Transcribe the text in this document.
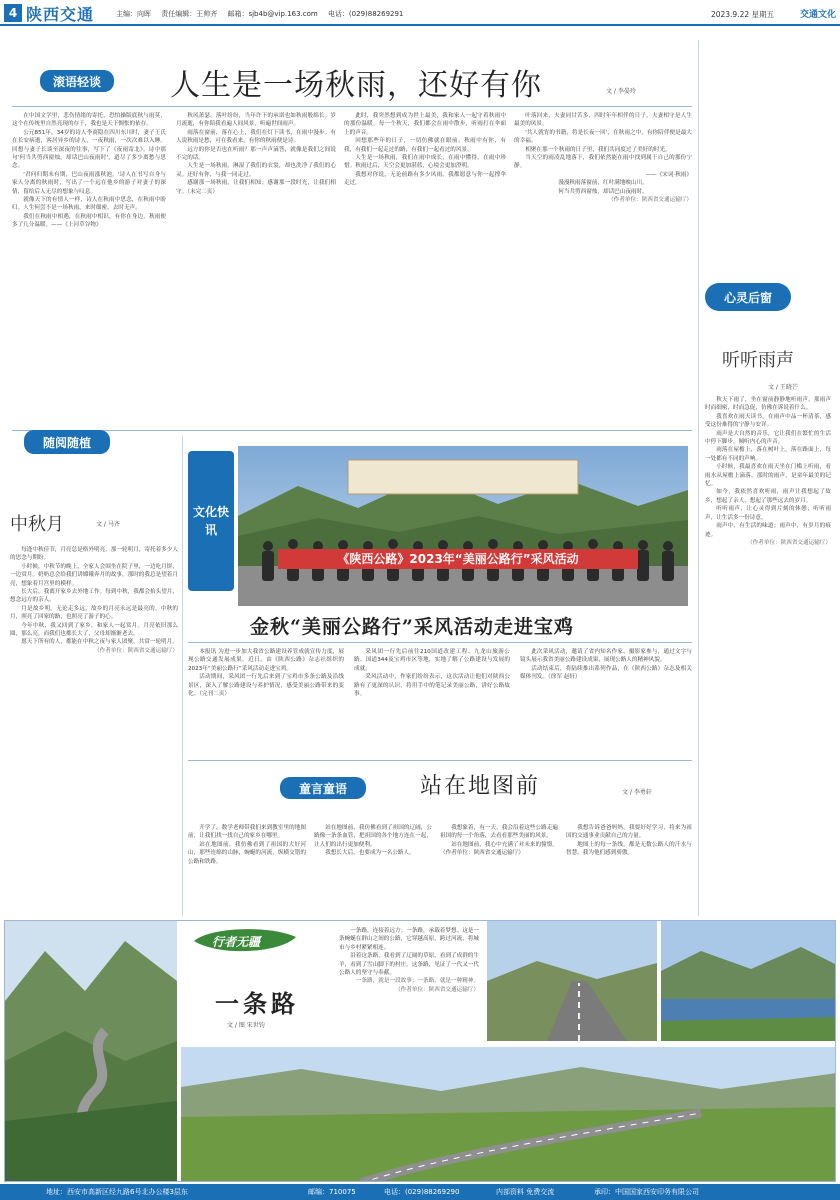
4 陕西交通	主编：向晖 责任编辑：王帅齐 邮箱：sjb4b@vip.163.com 电话：(029)88269291	2023.9.22 星期五	交通文化
滚语轻谈	人生是一场秋雨，还好有你	文 / 李晏玲

在中国文学里，悲伤情绪的寄托，恐怕操版底秋与雨莫，这个在传统里自然亮现的存于，我也是天下惆怅的依存。

公元851年，34岁的诗人李商隐在四川东川时，妻子王氏在长安病逝，客居异乡的诗人，一夜秋雨，一次次难以入睡。回想与妻子长谈至深夜的往事，写下了《夜雨寄北》。诗中那句'何当共剪西窗烛，却话巴山夜雨时'，道尽了多少离愁与思念。

'君问归期未有期，巴山夜雨涨秋池。'诗人在书写自身与家人分离的秋雨时，写出了一个远在他乡的游子对妻子的深情，留给后人无尽的想象与叹息。

就像天下的有情人一样，诗人在秋雨中思念，在秋雨中盼归。人生何尝不是一场秋雨，来时细密，去时无声。

我们在秋雨中相遇，在秋雨中相识，有你在身边，秋雨便多了几分温暖。——《上河草谷物》

秋风萧瑟，落叶纷纷，当年许下的承诺也如秋雨般绵长。岁月流逝，有你陪我看遍人间风景，听遍世间雨声。

雨落在窗前，落在心上，我们在灯下读书，在雨中漫步。有人说秋雨是愁，可在我看来，有你的秋雨便是诗。

远方的你是否也在听雨？那一声声滴答，就像是我们之间说不完的话。

人生是一场秋雨，淋湿了我们的衣裳，却也洗净了我们的心灵。还好有你，与我一同走过。

感谢那一场秋雨，让我们相知；感谢那一段时光，让我们相守。（未完二页）

此时，我突然想到成为世上最美，我和家人一起守着秋雨中的那份温暖。每一个秋天，我们都会在雨中散步，听雨打在伞面上的声音。

回想那些年的日子，一切仿佛就在眼前。秋雨中有你，有我，有我们一起走过的路，有我们一起看过的风景。

人生是一场秋雨，我们在雨中成长，在雨中懂得，在雨中珍惜。秋雨过后，天空会更加湛蓝，心境会更加澄明。

我想对你说，无论前路有多少风雨，我都愿意与你一起撑伞走过。

叶落回来，夫妻同甘苦多，四时年年相伴的日子，夫妻相守是人生最美的风景。

'共人就宵的书籍，将是长夜一回'，在秋雨之中，有你陪伴便是最大的幸福。

相聚在那一个秋雨的日子里，我们共同度过了美好的时光。

当天空的雨凌乱地落下，我们依然能在雨中找到属于自己的那份宁静。

——《宋词·秋雨》

漫漫秋雨落窗前，红叶满地映山川。

何当共剪西窗烛，却话巴山夜雨时。

（作者单位：陕西省交通运输厅）

心灵后窗
听听雨声
文 / 王晓芒

秋天下雨了，坐在窗前静静地听雨声。那雨声时而细密，时而急促，仿佛在诉说着什么。

我喜欢在雨天读书，在雨声中品一杯清茶，感受这份难得的宁静与安详。

雨声是大自然的音乐，它让我们在繁忙的生活中停下脚步，倾听内心的声音。

雨落在屋檐上，落在树叶上，落在路面上，每一处都有不同的声响。

小时候，我最喜欢在雨天坐在门槛上听雨，看雨水从屋檐上滴落。那时的雨声，是童年最美的记忆。

如今，我依然喜欢听雨，雨声让我想起了故乡，想起了亲人，想起了那些远去的岁月。

听听雨声，让心灵得到片刻的休憩；听听雨声，让生活多一份诗意。

雨声中，有生活的味道；雨声中，有岁月的痕迹。

（作者单位：陕西省交通运输厅）

随阅随植
中秋月	文 / 马齐

每逢中秋佳节，月亮总是格外明亮。那一轮明月，寄托着多少人的思念与期盼。

小时候，中秋节的晚上，全家人会围坐在院子里，一边吃月饼，一边赏月。奶奶总会给我们讲嫦娥奔月的故事，那时的我总是望着月亮，想象着月宫里的模样。

长大后，我离开家乡去外地工作。每到中秋，我都会抬头望月，想念远方的亲人。

月是故乡明。无论走多远，故乡的月亮永远是最亮的。中秋的月，照亮了回家的路，也照亮了游子的心。

今年中秋，我又回到了家乡，和家人一起赏月。月亮依旧那么圆，那么亮，而我们也都长大了，父母却渐渐老去。

愿天下所有的人，都能在中秋之夜与家人团聚，共赏一轮明月。

（作者单位：陕西省交通运输厅）

文化快讯
《陕西公路》2023年“美丽公路行”采风活动
金秋“美丽公路行”采风活动走进宝鸡

本报讯 为进一步加大我省公路建设养管成就宣传力度，展现公路交通发展成果，近日，由《陕西公路》杂志社组织的2023年“美丽公路行”采风活动走进宝鸡。

活动期间，采风团一行先后来到了宝鸡市多条公路及沿线景区，深入了解公路建设与养护情况，感受美丽公路带来的变化。（完刊二页）

采风团一行先后前往210国道改建工程、九龙山旅游公路、国道344及宝鸡市区等地，实地了解了公路建设与发展的成就。

采风活动中，作家们纷纷表示，这次活动让他们对陕西公路有了更深的认识，将用手中的笔记录美丽公路，讲好公路故事。

此次采风活动，邀请了省内知名作家、摄影家参与，通过文字与镜头展示我省美丽公路建设成果，展现公路人的精神风貌。

活动结束后，将陆续推出系列作品，在《陕西公路》杂志及相关媒体刊发。（徐军 赵轩）

童言童语	站在地图前	文 / 李勇轩

开学了，数学老师带我们来到教室里的地图前，让我们找一找自己的家乡在哪里。

站在地图前，我仿佛看到了祖国的大好河山，那些连绵的山脉，蜿蜒的河流，纵横交错的公路和铁路。

站在地图前，我仿佛看到了祖国的辽阔，公路像一条条血管，把祖国的各个地方连在一起，让人们的出行更加便利。

我想长大后，也要成为一名公路人。

我想象着，有一天，我会沿着这些公路走遍祖国的每一个角落，去看看那些美丽的风景。

站在地图前，我心中充满了对未来的憧憬。（作者单位：陕西省交通运输厅）

我想告诉爸爸妈妈，我要好好学习，将来为祖国的交通事业贡献自己的力量。

地图上的每一条线，都是无数公路人的汗水与智慧。我为他们感到骄傲。

行者无疆
一条路
文 / 图 宋世钧

一条路，连接着远方；一条路，承载着梦想。这是一条蜿蜒在群山之间的公路，它穿越高原，跨过河流，将城市与乡村紧紧相连。

沿着这条路，我看到了辽阔的草原，看到了成群的牛羊，看到了雪山脚下的村庄。这条路，见证了一代又一代公路人的坚守与奉献。

一条路，就是一段故事；一条路，就是一种精神。（作者单位：陕西省交通运输厅）

地址：西安市高新区经九路6号北办公楼3层东	邮编：710075	电话：(029)88269290	内部资料 免费交流	承印：中国国家西安印务有限公司
